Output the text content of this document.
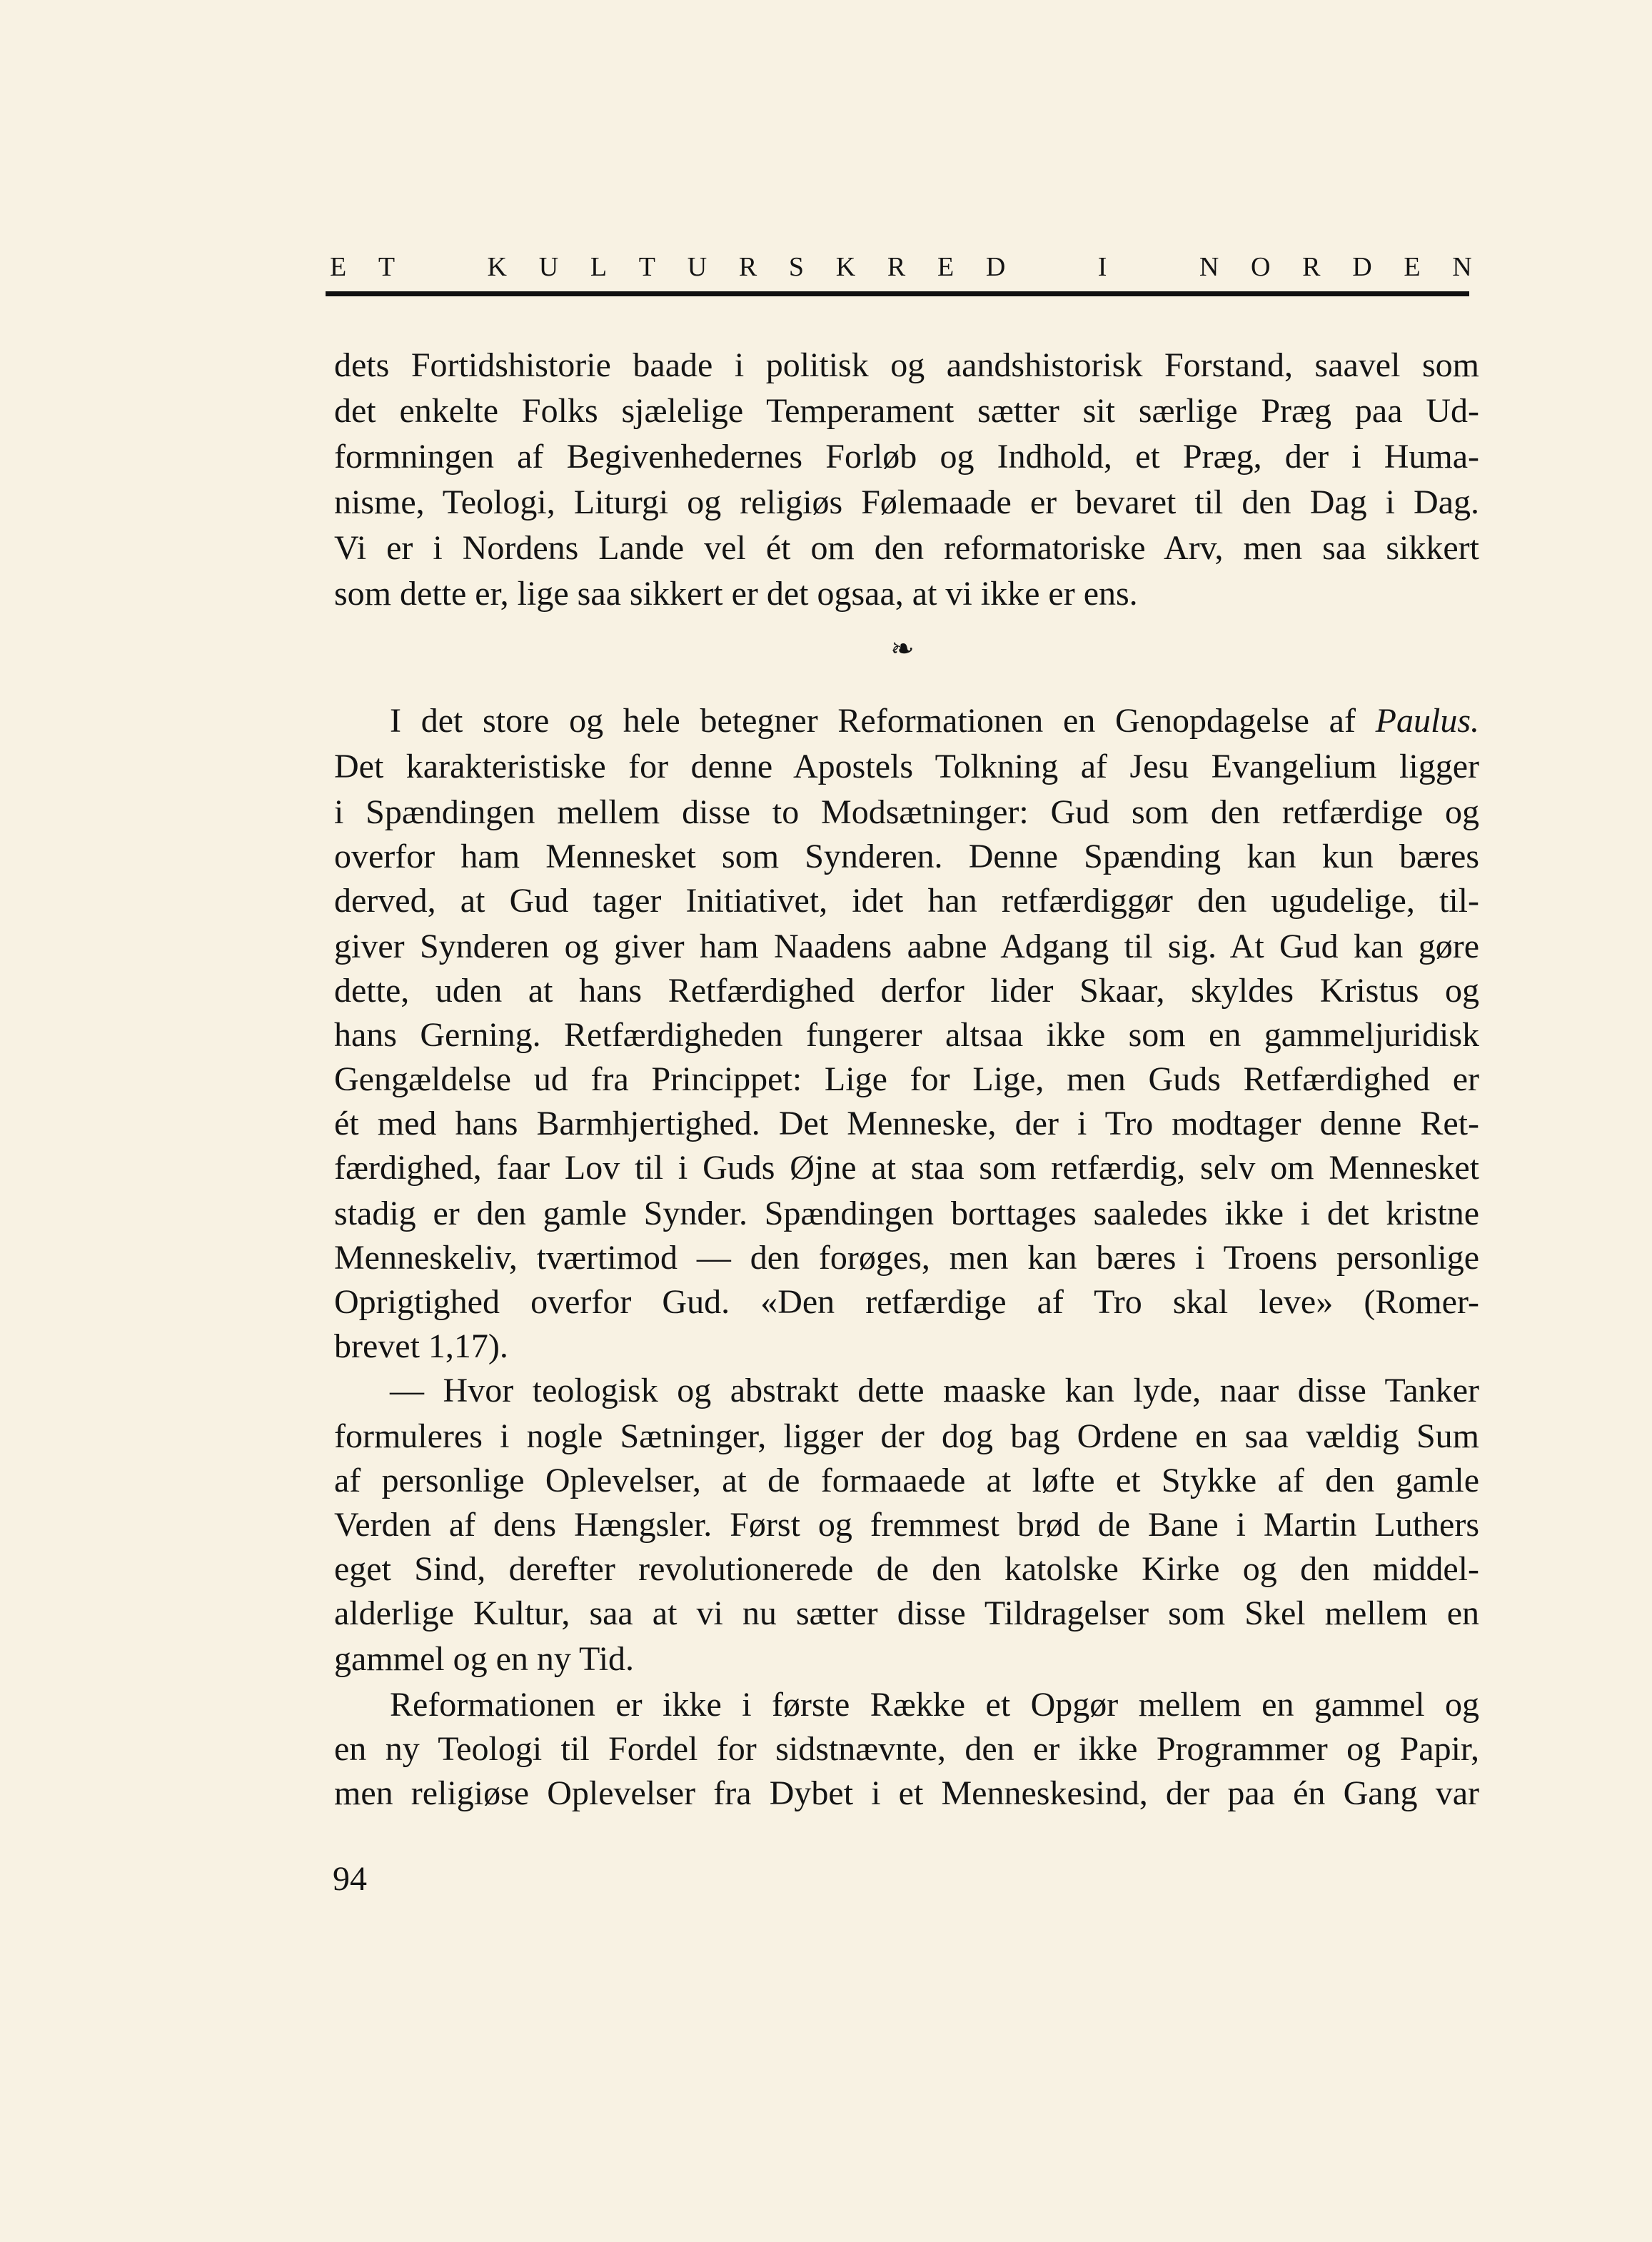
E T	K U L T U R S K R E D	I	N O R D E N
dets Fortidshistorie baade i politisk og aandshistorisk Forstand, saavel som
det enkelte Folks sjælelige Temperament sætter sit særlige Præg paa Ud-
formningen af Begivenhedernes Forløb og Indhold, et Præg, der i Huma-
nisme, Teologi, Liturgi og religiøs Følemaade er bevaret til den Dag i Dag.
Vi er i Nordens Lande vel ét om den reformatoriske Arv, men saa sikkert
som dette er, lige saa sikkert er det ogsaa, at vi ikke er ens.
❧
I det store og hele betegner Reformationen en Genopdagelse af Paulus.
Det karakteristiske for denne Apostels Tolkning af Jesu Evangelium ligger
i Spændingen mellem disse to Modsætninger: Gud som den retfærdige og
overfor ham Mennesket som Synderen. Denne Spænding kan kun bæres
derved, at Gud tager Initiativet, idet han retfærdiggør den ugudelige, til-
giver Synderen og giver ham Naadens aabne Adgang til sig. At Gud kan gøre
dette, uden at hans Retfærdighed derfor lider Skaar, skyldes Kristus og
hans Gerning. Retfærdigheden fungerer altsaa ikke som en gammeljuridisk
Gengældelse ud fra Princippet: Lige for Lige, men Guds Retfærdighed er
ét med hans Barmhjertighed. Det Menneske, der i Tro modtager denne Ret-
færdighed, faar Lov til i Guds Øjne at staa som retfærdig, selv om Mennesket
stadig er den gamle Synder. Spændingen borttages saaledes ikke i det kristne
Menneskeliv, tværtimod — den forøges, men kan bæres i Troens personlige
Oprigtighed overfor Gud. «Den retfærdige af Tro skal leve» (Romer-
brevet 1,17).
— Hvor teologisk og abstrakt dette maaske kan lyde, naar disse Tanker
formuleres i nogle Sætninger, ligger der dog bag Ordene en saa vældig Sum
af personlige Oplevelser, at de formaaede at løfte et Stykke af den gamle
Verden af dens Hængsler. Først og fremmest brød de Bane i Martin Luthers
eget Sind, derefter revolutionerede de den katolske Kirke og den middel-
alderlige Kultur, saa at vi nu sætter disse Tildragelser som Skel mellem en
gammel og en ny Tid.
Reformationen er ikke i første Række et Opgør mellem en gammel og
en ny Teologi til Fordel for sidstnævnte, den er ikke Programmer og Papir,
men religiøse Oplevelser fra Dybet i et Menneskesind, der paa én Gang var
94
